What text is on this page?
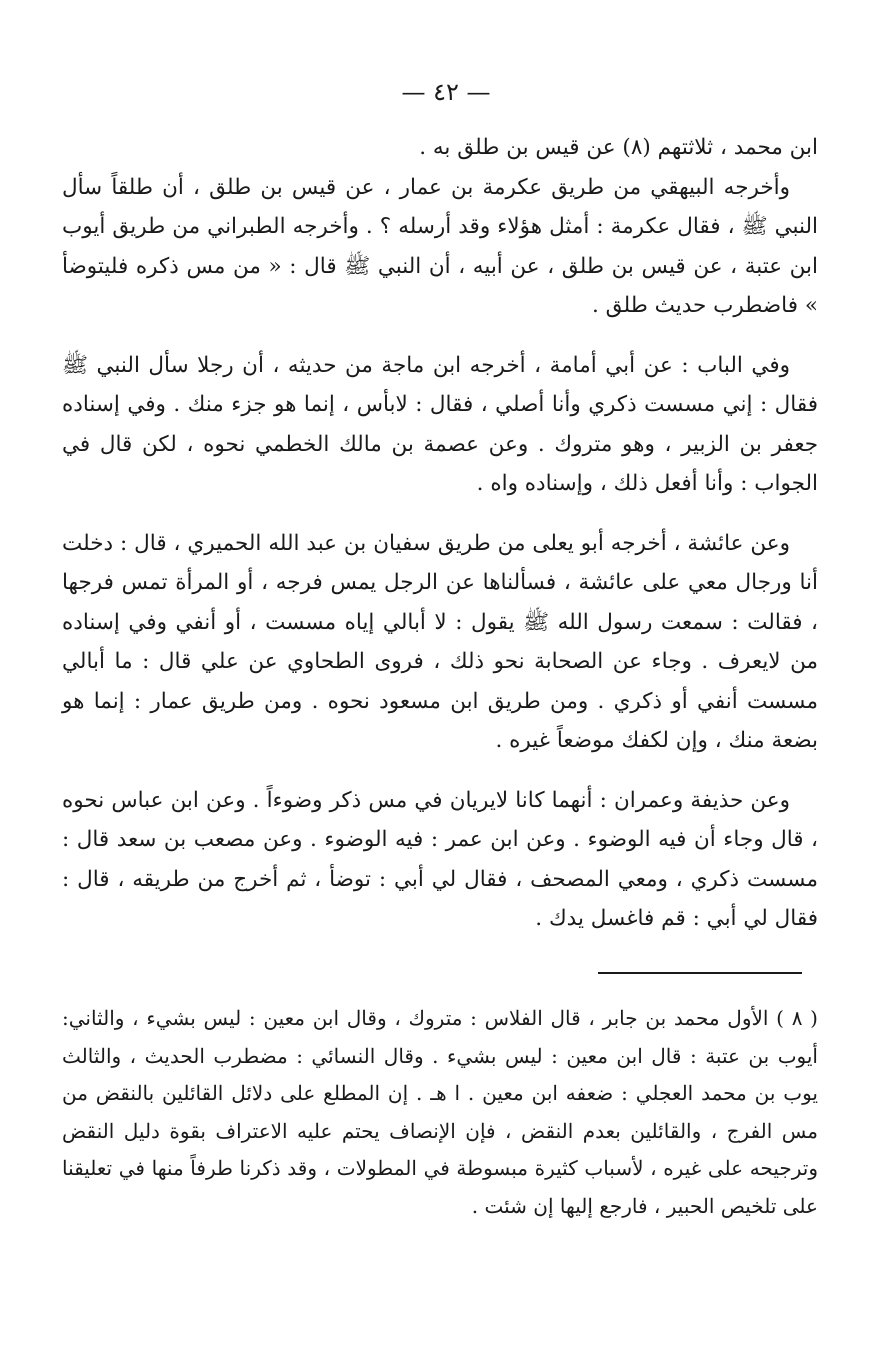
— ٤٢ —

ابن محمد ، ثلاثتهم (٨) عن قيس بن طلق به .

وأخرجه البيهقي من طريق عكرمة بن عمار ، عن قيس بن طلق ، أن طلقاً سأل النبي ﷺ ، فقال عكرمة : أمثل هؤلاء وقد أرسله ؟ . وأخرجه الطبراني من طريق أيوب ابن عتبة ، عن قيس بن طلق ، عن أبيه ، أن النبي ﷺ قال : « من مس ذكره فليتوضأ » فاضطرب حديث طلق .

وفي الباب : عن أبي أمامة ، أخرجه ابن ماجة من حديثه ، أن رجلا سأل النبي ﷺ فقال : إني مسست ذكري وأنا أصلي ، فقال : لابأس ، إنما هو جزء منك . وفي إسناده جعفر بن الزبير ، وهو متروك . وعن عصمة بن مالك الخطمي نحوه ، لكن قال في الجواب : وأنا أفعل ذلك ، وإسناده واه .

وعن عائشة ، أخرجه أبو يعلى من طريق سفيان بن عبد الله الحميري ، قال : دخلت أنا ورجال معي على عائشة ، فسألناها عن الرجل يمس فرجه ، أو المرأة تمس فرجها ، فقالت : سمعت رسول الله ﷺ يقول : لا أبالي إياه مسست ، أو أنفي وفي إسناده من لايعرف . وجاء عن الصحابة نحو ذلك ، فروى الطحاوي عن علي قال : ما أبالي مسست أنفي أو ذكري . ومن طريق ابن مسعود نحوه . ومن طريق عمار : إنما هو بضعة منك ، وإن لكفك موضعاً غيره .

وعن حذيفة وعمران : أنهما كانا لايريان في مس ذكر وضوءاً . وعن ابن عباس نحوه ، قال وجاء أن فيه الوضوء . وعن ابن عمر : فيه الوضوء . وعن مصعب بن سعد قال : مسست ذكري ، ومعي المصحف ، فقال لي أبي : توضأ ، ثم أخرج من طريقه ، قال : فقال لي أبي : قم فاغسل يدك .

( ٨ ) الأول محمد بن جابر ، قال الفلاس : متروك ، وقال ابن معين : ليس بشيء ، والثاني: أيوب بن عتبة : قال ابن معين : ليس بشيء . وقال النسائي : مضطرب الحديث ، والثالث يوب بن محمد العجلي : ضعفه ابن معين . ا هـ . إن المطلع على دلائل القائلين بالنقض من مس الفرج ، والقائلين بعدم النقض ، فإن الإنصاف يحتم عليه الاعتراف بقوة دليل النقض وترجيحه على غيره ، لأسباب كثيرة مبسوطة في المطولات ، وقد ذكرنا طرفاً منها في تعليقنا على تلخيص الحبير ، فارجع إليها إن شئت .
